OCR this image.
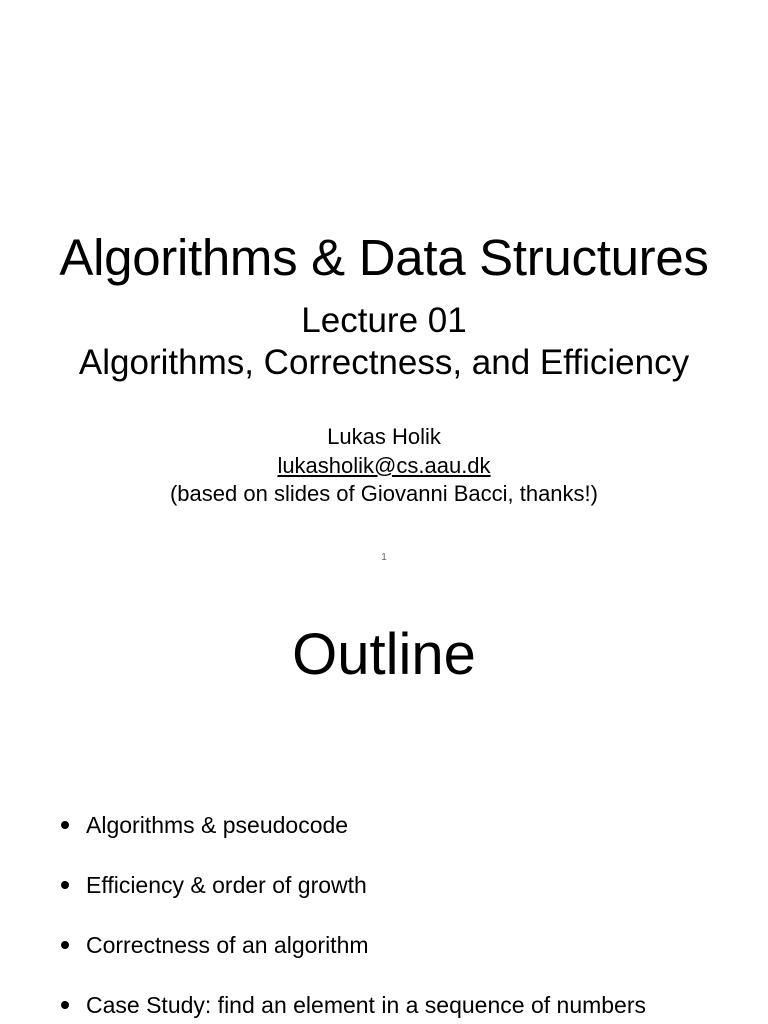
Algorithms & Data Structures
Lecture 01
Algorithms, Correctness, and Efficiency
Lukas Holik
lukasholik@cs.aau.dk
(based on slides of Giovanni Bacci, thanks!)
1
Outline
Algorithms & pseudocode
Efficiency & order of growth
Correctness of an algorithm
Case Study: find an element in a sequence of numbers
